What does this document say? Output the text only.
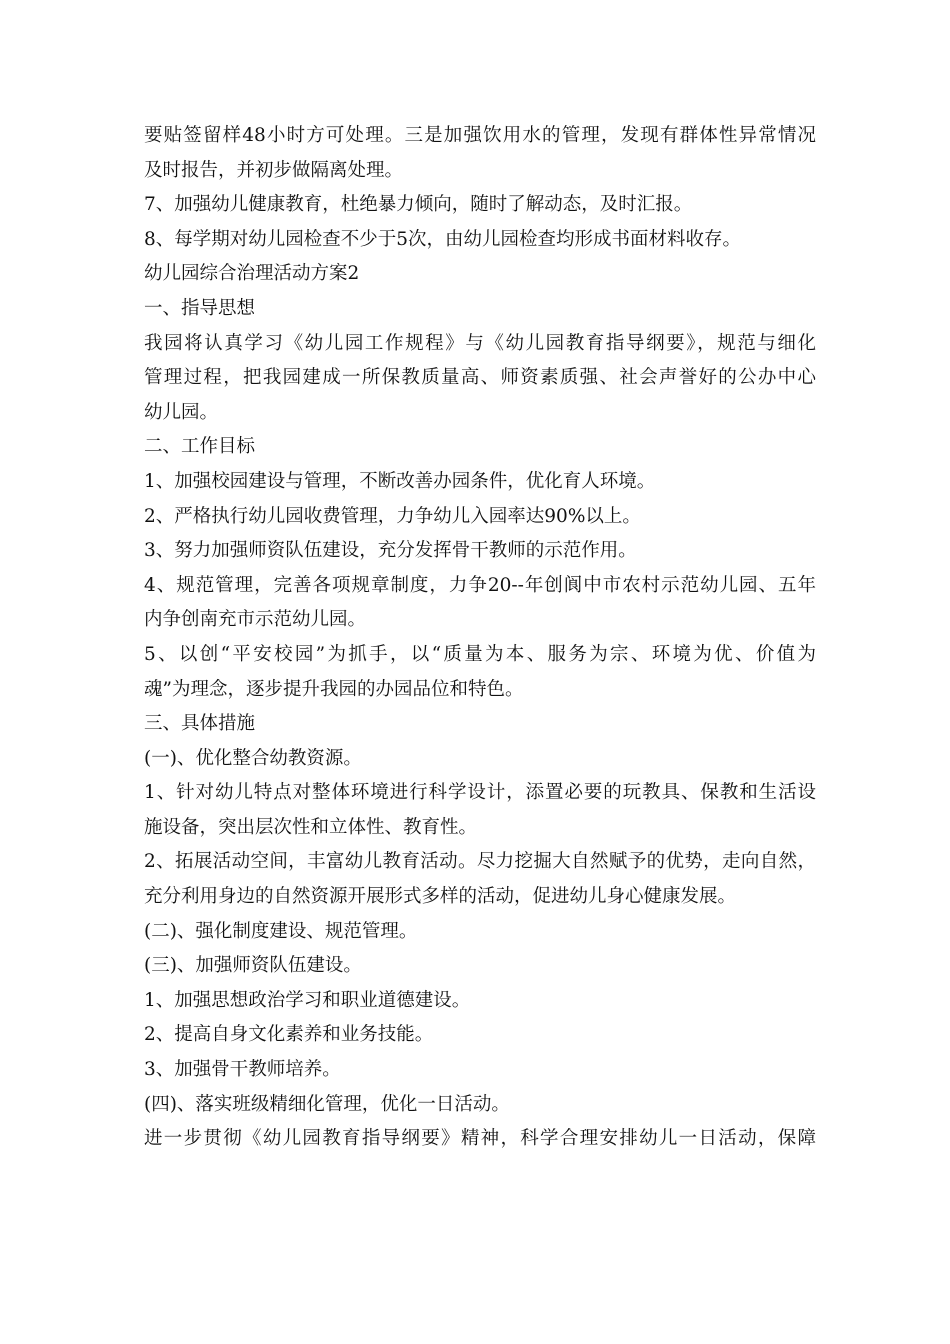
要贴签留样48小时方可处理。三是加强饮用水的管理，发现有群体性异常情况
及时报告，并初步做隔离处理。
7、加强幼儿健康教育，杜绝暴力倾向，随时了解动态，及时汇报。
8、每学期对幼儿园检查不少于5次，由幼儿园检查均形成书面材料收存。
幼儿园综合治理活动方案2
一、指导思想
我园将认真学习《幼儿园工作规程》与《幼儿园教育指导纲要》，规范与细化
管理过程，把我园建成一所保教质量高、师资素质强、社会声誉好的公办中心
幼儿园。
二、工作目标
1、加强校园建设与管理，不断改善办园条件，优化育人环境。
2、严格执行幼儿园收费管理，力争幼儿入园率达90%以上。
3、努力加强师资队伍建设，充分发挥骨干教师的示范作用。
4、规范管理，完善各项规章制度，力争20--年创阆中市农村示范幼儿园、五年
内争创南充市示范幼儿园。
5、以创“平安校园”为抓手，以“质量为本、服务为宗、环境为优、价值为
魂”为理念，逐步提升我园的办园品位和特色。
三、具体措施
(一)、优化整合幼教资源。
1、针对幼儿特点对整体环境进行科学设计，添置必要的玩教具、保教和生活设
施设备，突出层次性和立体性、教育性。
2、拓展活动空间，丰富幼儿教育活动。尽力挖掘大自然赋予的优势，走向自然，
充分利用身边的自然资源开展形式多样的活动，促进幼儿身心健康发展。
(二)、强化制度建设、规范管理。
(三)、加强师资队伍建设。
1、加强思想政治学习和职业道德建设。
2、提高自身文化素养和业务技能。
3、加强骨干教师培养。
(四)、落实班级精细化管理，优化一日活动。
进一步贯彻《幼儿园教育指导纲要》精神，科学合理安排幼儿一日活动，保障
